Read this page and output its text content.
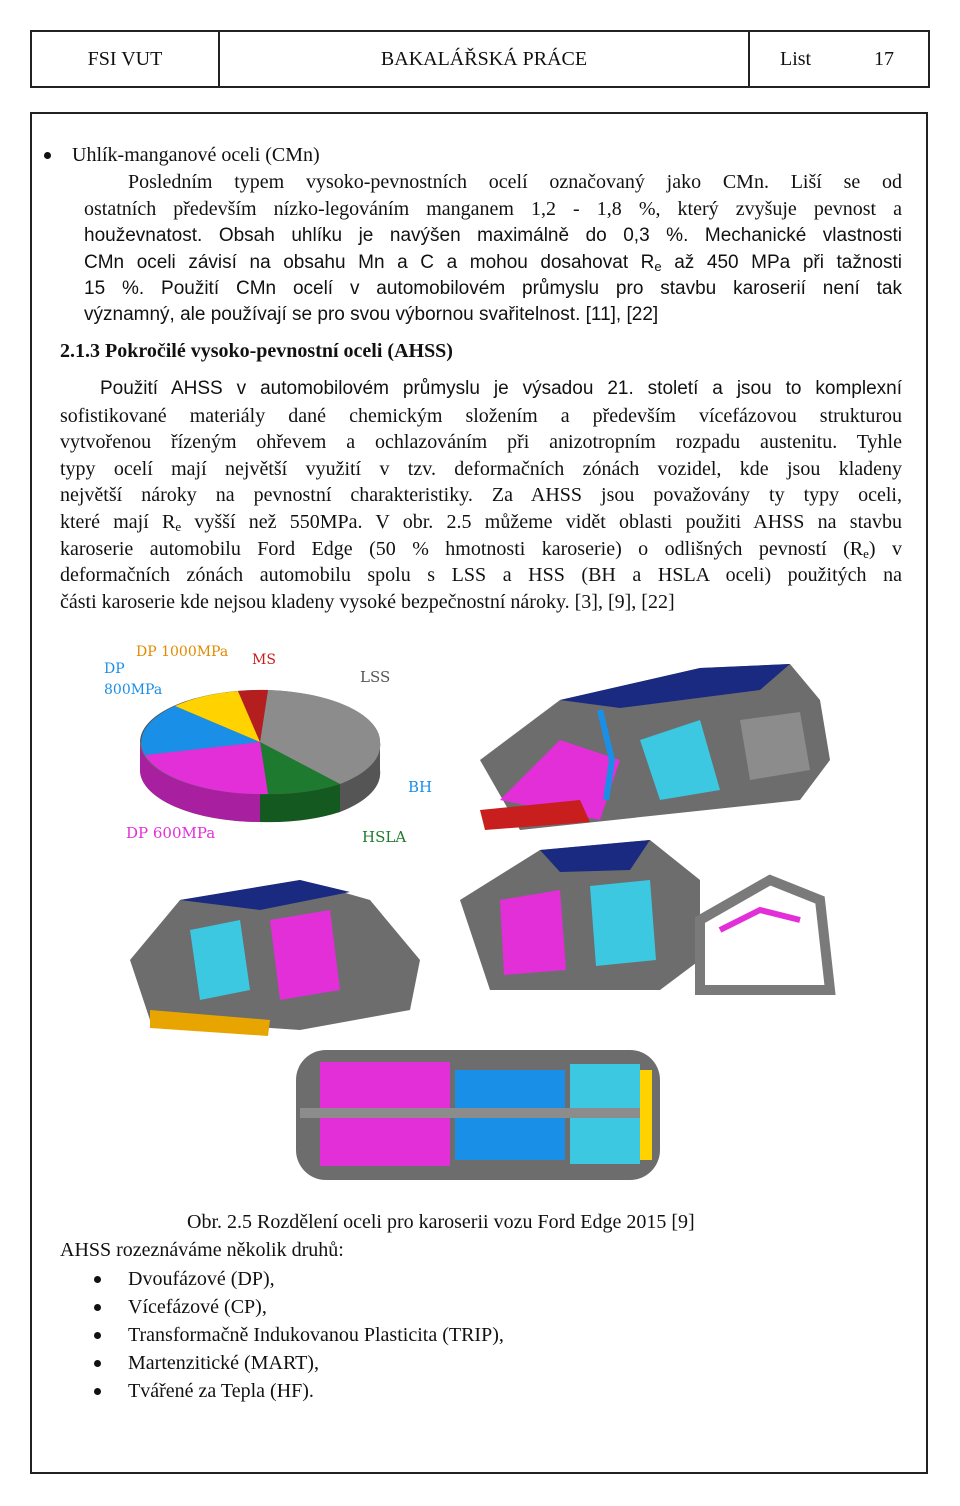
FSI VUT	BAKALÁŘSKÁ PRÁCE	List	17
Uhlík-manganové oceli (CMn)
Posledním typem vysoko-pevnostních ocelí označovaný jako CMn. Liší se od
ostatních především nízko-legováním manganem 1,2 - 1,8 %, který zvyšuje pevnost a
houževnatost. Obsah uhlíku je navýšen maximálně do 0,3 %. Mechanické vlastnosti
CMn oceli závisí na obsahu Mn a C a mohou dosahovat $R_e$ až 450 MPa při tažnosti
15 %. Použití CMn ocelí v automobilovém průmyslu pro stavbu karoserií není tak
významný, ale používají se pro svou výbornou svařitelnost. [11], [22]
2.1.3 Pokročilé vysoko-pevnostní oceli (AHSS)
Použití AHSS v automobilovém průmyslu je výsadou 21. století a jsou to komplexní
sofistikované materiály dané chemickým složením a především vícefázovou strukturou
vytvořenou řízeným ohřevem a ochlazováním při anizotropním rozpadu austenitu. Tyhle
typy ocelí mají největší využití v tzv. deformačních zónách vozidel, kde jsou kladeny
největší nároky na pevnostní charakteristiky. Za AHSS jsou považovány ty typy oceli,
které mají $R_e$ vyšší než 550MPa. V obr. 2.5 můžeme vidět oblasti použiti AHSS na stavbu
karoserie automobilu Ford Edge (50 % hmotnosti karoserie) o odlišných pevností $(R_e)$ v
deformačních zónách automobilu spolu s LSS a HSS (BH a HSLA oceli) použitých na
části karoserie kde nejsou kladeny vysoké bezpečnostní nároky. [3], [9], [22]
DP 1000MPa MS
DP
800MPa
LSS
BH
HSLA
DP 600MPa
Obr. 2.5 Rozdělení oceli pro karoserii vozu Ford Edge 2015 [9]
AHSS rozeznáváme několik druhů:
Dvoufázové (DP),
Vícefázové (CP),
Transformačně Indukovanou Plasticita (TRIP),
Martenzitické (MART),
Tvářené za Tepla (HF).
